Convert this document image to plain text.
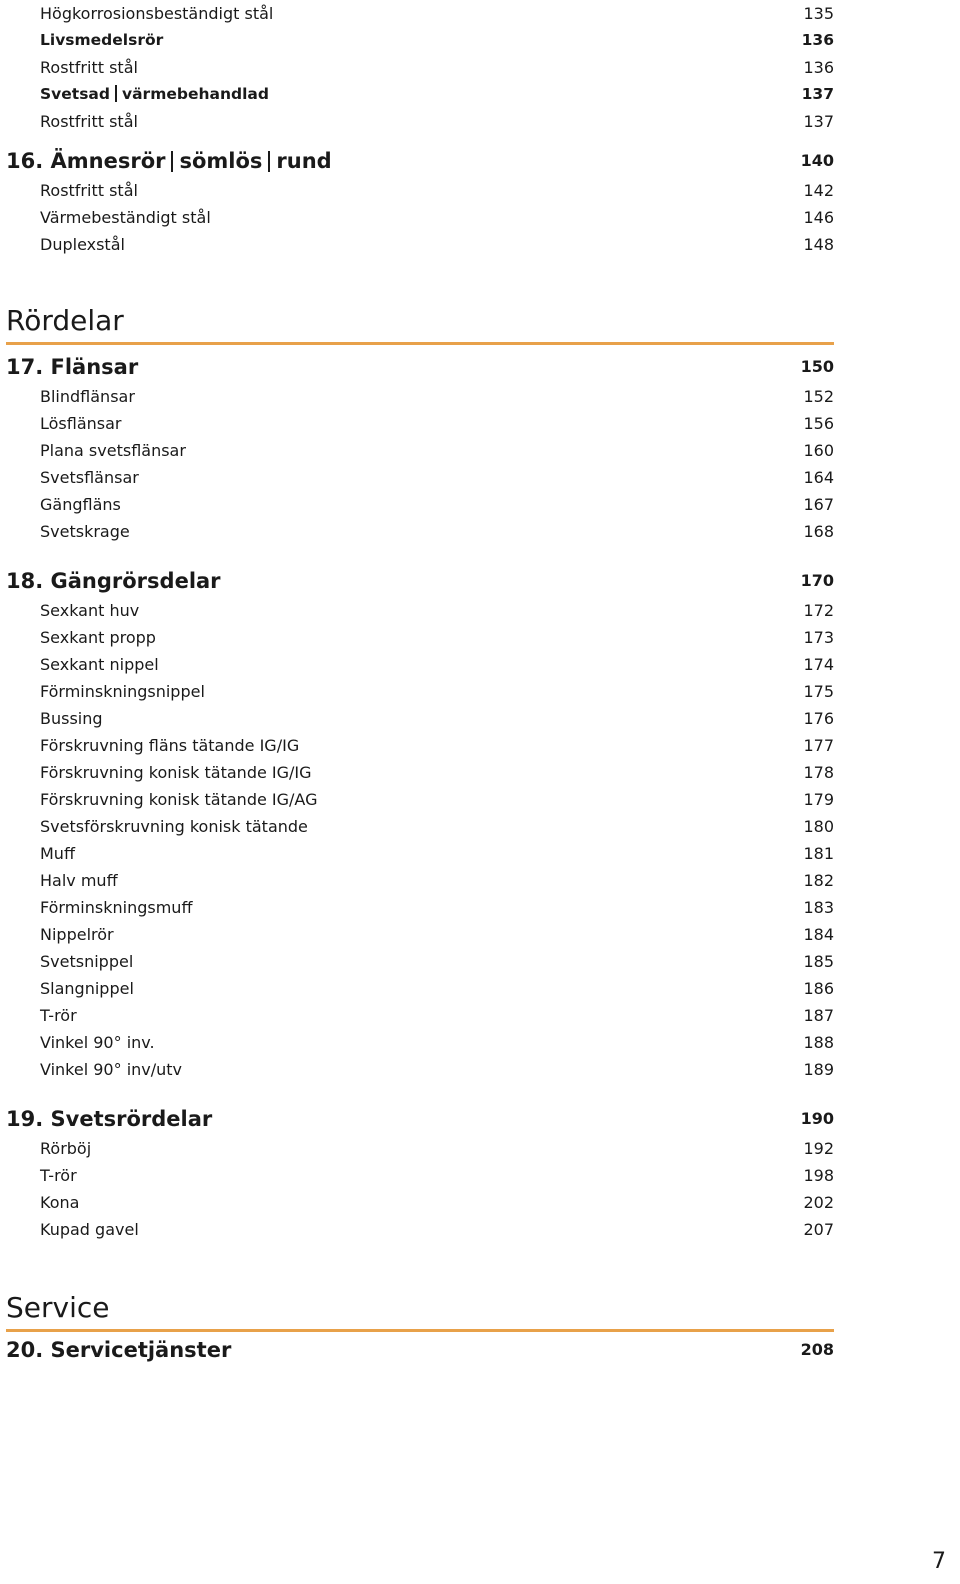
Högkorrosionsbeständigt stål	135
Livsmedelsrör	136
Rostfritt stål	136
Svetsad värmebehandlad	137
Rostfritt stål	137
16. Ämnesrör sömlös rund	140
Rostfritt stål	142
Värmebeständigt stål	146
Duplexstål	148
Rördelar
17. Flänsar	150
Blindflänsar	152
Lösflänsar	156
Plana svetsflänsar	160
Svetsflänsar	164
Gängfläns	167
Svetskrage	168
18. Gängrörsdelar	170
Sexkant huv	172
Sexkant propp	173
Sexkant nippel	174
Förminskningsnippel	175
Bussing	176
Förskruvning fläns tätande IG/IG	177
Förskruvning konisk tätande IG/IG	178
Förskruvning konisk tätande IG/AG	179
Svetsförskruvning konisk tätande	180
Muff	181
Halv muff	182
Förminskningsmuff	183
Nippelrör	184
Svetsnippel	185
Slangnippel	186
T-rör	187
Vinkel 90° inv.	188
Vinkel 90° inv/utv	189
19. Svetsrördelar	190
Rörböj	192
T-rör	198
Kona	202
Kupad gavel	207
Service
20. Servicetjänster	208
7
